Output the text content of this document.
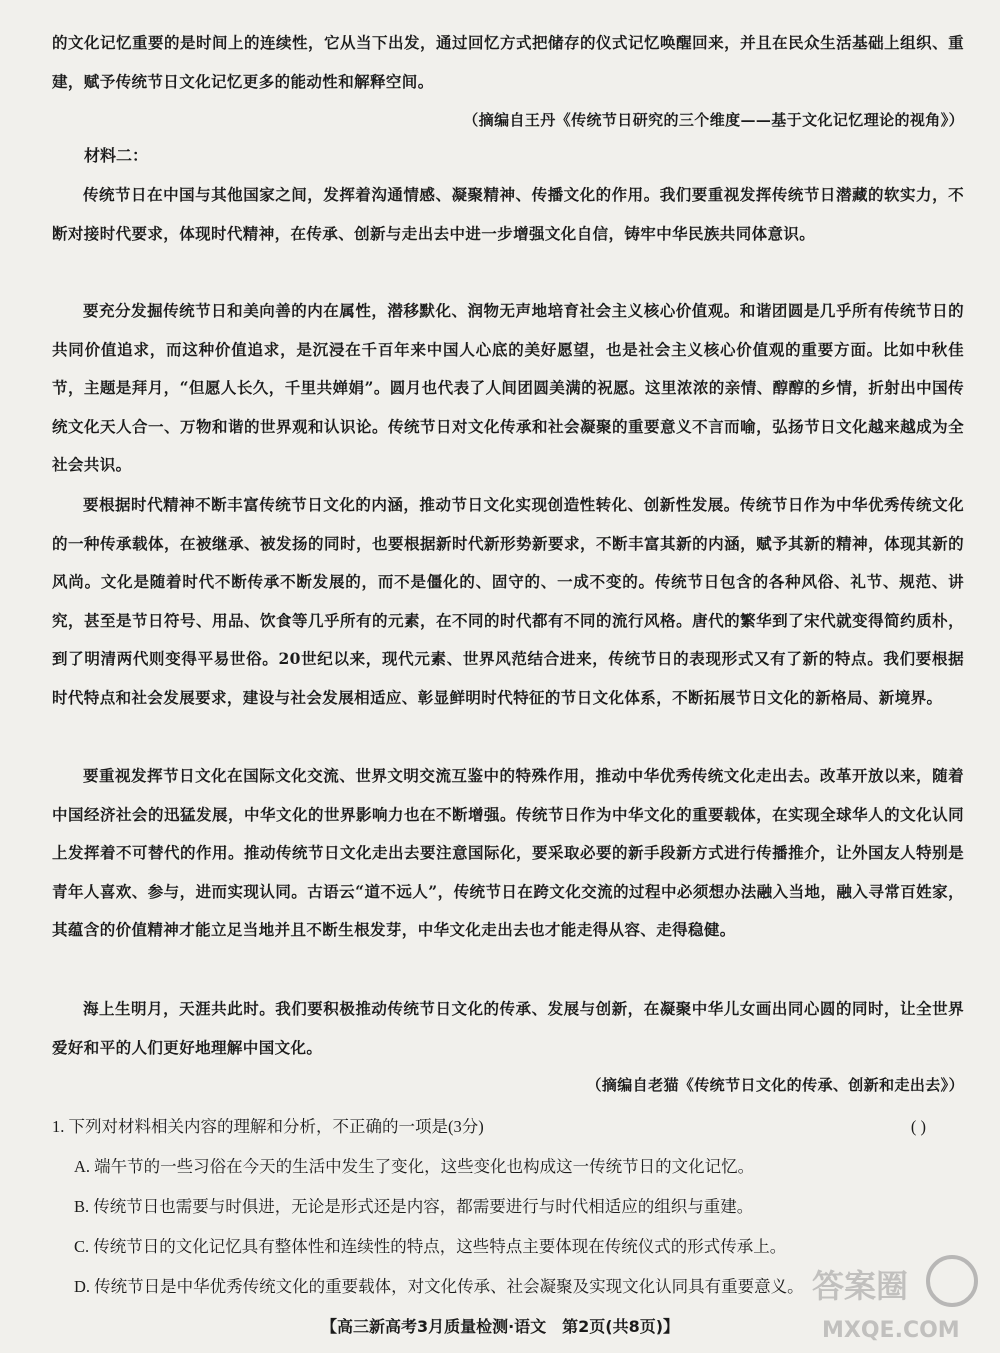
的文化记忆重要的是时间上的连续性，它从当下出发，通过回忆方式把储存的仪式记忆唤醒回来，并且在民众生活基础上组织、重建，赋予传统节日文化记忆更多的能动性和解释空间。
（摘编自王丹《传统节日研究的三个维度——基于文化记忆理论的视角》）
材料二：
传统节日在中国与其他国家之间，发挥着沟通情感、凝聚精神、传播文化的作用。我们要重视发挥传统节日潜藏的软实力，不断对接时代要求，体现时代精神，在传承、创新与走出去中进一步增强文化自信，铸牢中华民族共同体意识。
要充分发掘传统节日和美向善的内在属性，潜移默化、润物无声地培育社会主义核心价值观。和谐团圆是几乎所有传统节日的共同价值追求，而这种价值追求，是沉浸在千百年来中国人心底的美好愿望，也是社会主义核心价值观的重要方面。比如中秋佳节，主题是拜月，“但愿人长久，千里共婵娟”。圆月也代表了人间团圆美满的祝愿。这里浓浓的亲情、醇醇的乡情，折射出中国传统文化天人合一、万物和谐的世界观和认识论。传统节日对文化传承和社会凝聚的重要意义不言而喻，弘扬节日文化越来越成为全社会共识。
要根据时代精神不断丰富传统节日文化的内涵，推动节日文化实现创造性转化、创新性发展。传统节日作为中华优秀传统文化的一种传承载体，在被继承、被发扬的同时，也要根据新时代新形势新要求，不断丰富其新的内涵，赋予其新的精神，体现其新的风尚。文化是随着时代不断传承不断发展的，而不是僵化的、固守的、一成不变的。传统节日包含的各种风俗、礼节、规范、讲究，甚至是节日符号、用品、饮食等几乎所有的元素，在不同的时代都有不同的流行风格。唐代的繁华到了宋代就变得简约质朴，到了明清两代则变得平易世俗。20世纪以来，现代元素、世界风范结合进来，传统节日的表现形式又有了新的特点。我们要根据时代特点和社会发展要求，建设与社会发展相适应、彰显鲜明时代特征的节日文化体系，不断拓展节日文化的新格局、新境界。
要重视发挥节日文化在国际文化交流、世界文明交流互鉴中的特殊作用，推动中华优秀传统文化走出去。改革开放以来，随着中国经济社会的迅猛发展，中华文化的世界影响力也在不断增强。传统节日作为中华文化的重要载体，在实现全球华人的文化认同上发挥着不可替代的作用。推动传统节日文化走出去要注意国际化，要采取必要的新手段新方式进行传播推介，让外国友人特别是青年人喜欢、参与，进而实现认同。古语云“道不远人”，传统节日在跨文化交流的过程中必须想办法融入当地，融入寻常百姓家，其蕴含的价值精神才能立足当地并且不断生根发芽，中华文化走出去也才能走得从容、走得稳健。
海上生明月，天涯共此时。我们要积极推动传统节日文化的传承、发展与创新，在凝聚中华儿女画出同心圆的同时，让全世界爱好和平的人们更好地理解中国文化。
（摘编自老猫《传统节日文化的传承、创新和走出去》）
1. 下列对材料相关内容的理解和分析，不正确的一项是(3分)	( )
A. 端午节的一些习俗在今天的生活中发生了变化，这些变化也构成这一传统节日的文化记忆。
B. 传统节日也需要与时俱进，无论是形式还是内容，都需要进行与时代相适应的组织与重建。
C. 传统节日的文化记忆具有整体性和连续性的特点，这些特点主要体现在传统仪式的形式传承上。
D. 传统节日是中华优秀传统文化的重要载体，对文化传承、社会凝聚及实现文化认同具有重要意义。
【高三新高考3月质量检测·语文　第2页(共8页)】
答案圈
MXQE.COM
